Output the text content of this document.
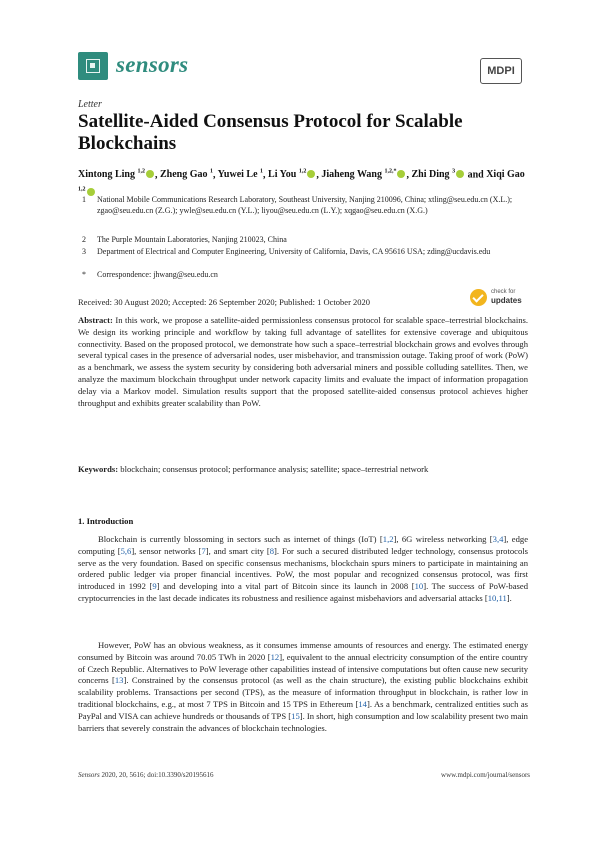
sensors	MDPI
Letter
Satellite-Aided Consensus Protocol for Scalable Blockchains
Xintong Ling $^{1,2}$ , Zheng Gao $^1$, Yuwei Le $^1$, Li You $^{1,2}$ , Jiaheng Wang $^{1,2,*}$ , Zhi Ding $^3$ and Xiqi Gao $^{1,2}$
1 National Mobile Communications Research Laboratory, Southeast University, Nanjing 210096, China; xtling@seu.edu.cn (X.L.); zgao@seu.edu.cn (Z.G.); ywle@seu.edu.cn (Y.L.); liyou@seu.edu.cn (L.Y.); xqgao@seu.edu.cn (X.G.)
2 The Purple Mountain Laboratories, Nanjing 210023, China
3 Department of Electrical and Computer Engineering, University of California, Davis, CA 95616 USA; zding@ucdavis.edu
* Correspondence: jhwang@seu.edu.cn
Received: 30 August 2020; Accepted: 26 September 2020; Published: 1 October 2020
check for
updates
Abstract: In this work, we propose a satellite-aided permissionless consensus protocol for scalable space–terrestrial blockchains. We design its working principle and workflow by taking full advantage of satellites for extensive coverage and ubiquitous connectivity. Based on the proposed protocol, we demonstrate how such a space–terrestrial blockchain grows and evolves through several typical cases in the presence of adversarial nodes, user misbehavior, and transmission outage. Taking proof of work (PoW) as a benchmark, we assess the system security by considering both adversarial miners and possible colluding satellites. Then, we analyze the maximum blockchain throughput under network capacity limits and evaluate the impact of information propagation delay via a Markov model. Simulation results support that the proposed satellite-aided consensus protocol achieves higher throughput and exhibits greater scalability than PoW.
Keywords: blockchain; consensus protocol; performance analysis; satellite; space–terrestrial network
1. Introduction
Blockchain is currently blossoming in sectors such as internet of things (IoT) [1,2], 6G wireless networking [3,4], edge computing [5,6], sensor networks [7], and smart city [8]. For such a secured distributed ledger technology, consensus protocols serve as the very foundation. Based on specific consensus mechanisms, blockchain spurs miners to participate in maintaining an ordered public ledger via proper financial incentives. PoW, the most popular and recognized consensus protocol, was first introduced in 1992 [9] and developing into a vital part of Bitcoin since its launch in 2008 [10]. The success of PoW-based cryptocurrencies in the last decade indicates its robustness and resilience against misbehaviors and adversarial attacks [10,11].
However, PoW has an obvious weakness, as it consumes immense amounts of resources and energy. The estimated energy consumed by Bitcoin was around 70.05 TWh in 2020 [12], equivalent to the annual electricity consumption of the entire country of Czech Republic. Alternatives to PoW leverage other capabilities instead of intensive computations but often cause new security concerns [13]. Constrained by the consensus protocol (as well as the chain structure), the existing public blockchains exhibit scalability problems. Transactions per second (TPS), as the measure of information throughput in blockchain, is rather low in traditional blockchains, e.g., at most 7 TPS in Bitcoin and 15 TPS in Ethereum [14]. As a benchmark, centralized entities such as PayPal and VISA can achieve hundreds or thousands of TPS [15]. In short, high consumption and low scalability present two main barriers that severely constrain the advances of blockchain technologies.
Sensors 2020, 20, 5616; doi:10.3390/s20195616	www.mdpi.com/journal/sensors
